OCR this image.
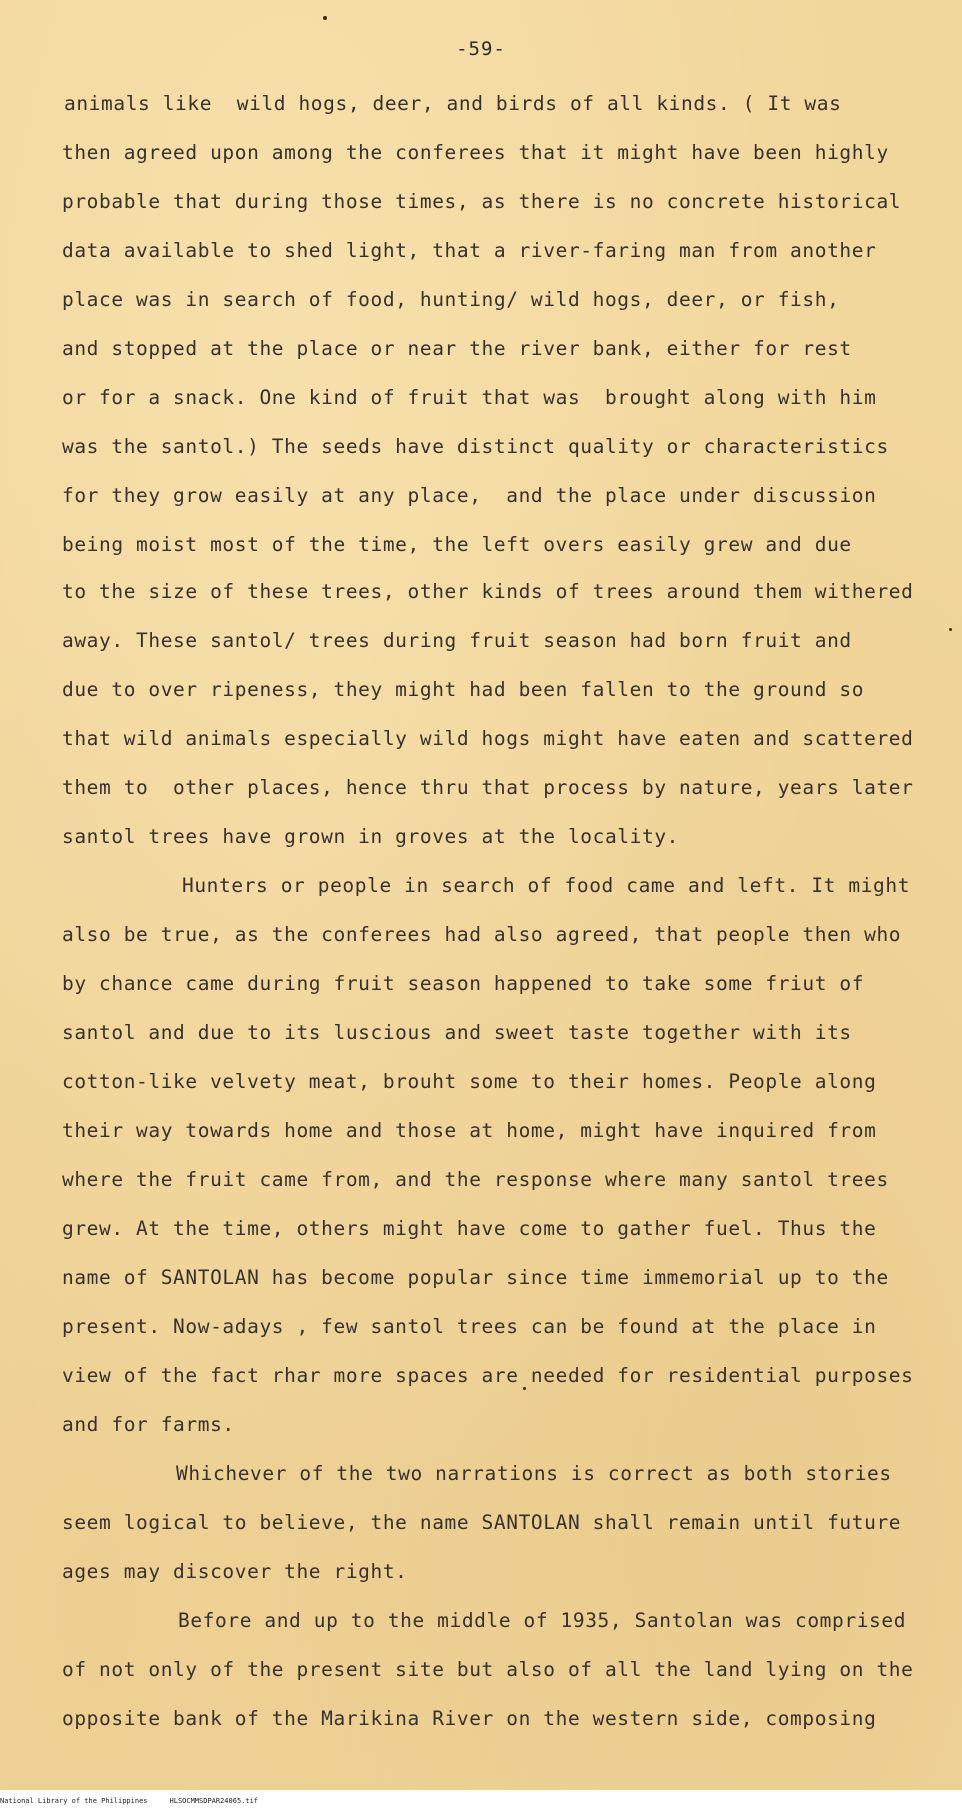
-59-
animals like  wild hogs, deer, and birds of all kinds. ( It was
then agreed upon among the conferees that it might have been highly
probable that during those times, as there is no concrete historical
data available to shed light, that a river-faring man from another
place was in search of food, hunting/ wild hogs, deer, or fish,
and stopped at the place or near the river bank, either for rest
or for a snack. One kind of fruit that was  brought along with him
was the santol.) The seeds have distinct quality or characteristics
for they grow easily at any place,  and the place under discussion
being moist most of the time, the left overs easily grew and due
to the size of these trees, other kinds of trees around them withered
away. These santol/ trees during fruit season had born fruit and
due to over ripeness, they might had been fallen to the ground so
that wild animals especially wild hogs might have eaten and scattered
them to  other places, hence thru that process by nature, years later
santol trees have grown in groves at the locality.
Hunters or people in search of food came and left. It might
also be true, as the conferees had also agreed, that people then who
by chance came during fruit season happened to take some friut of
santol and due to its luscious and sweet taste together with its
cotton-like velvety meat, brouht some to their homes. People along
their way towards home and those at home, might have inquired from
where the fruit came from, and the response where many santol trees
grew. At the time, others might have come to gather fuel. Thus the
name of SANTOLAN has become popular since time immemorial up to the
present. Now-adays , few santol trees can be found at the place in
view of the fact rhar more spaces are needed for residential purposes
and for farms.
Whichever of the two narrations is correct as both stories
seem logical to believe, the name SANTOLAN shall remain until future
ages may discover the right.
Before and up to the middle of 1935, Santolan was comprised
of not only of the present site but also of all the land lying on the
opposite bank of the Marikina River on the western side, composing
National Library of the Philippines	HLSOCMMSDPAR24065.tif
